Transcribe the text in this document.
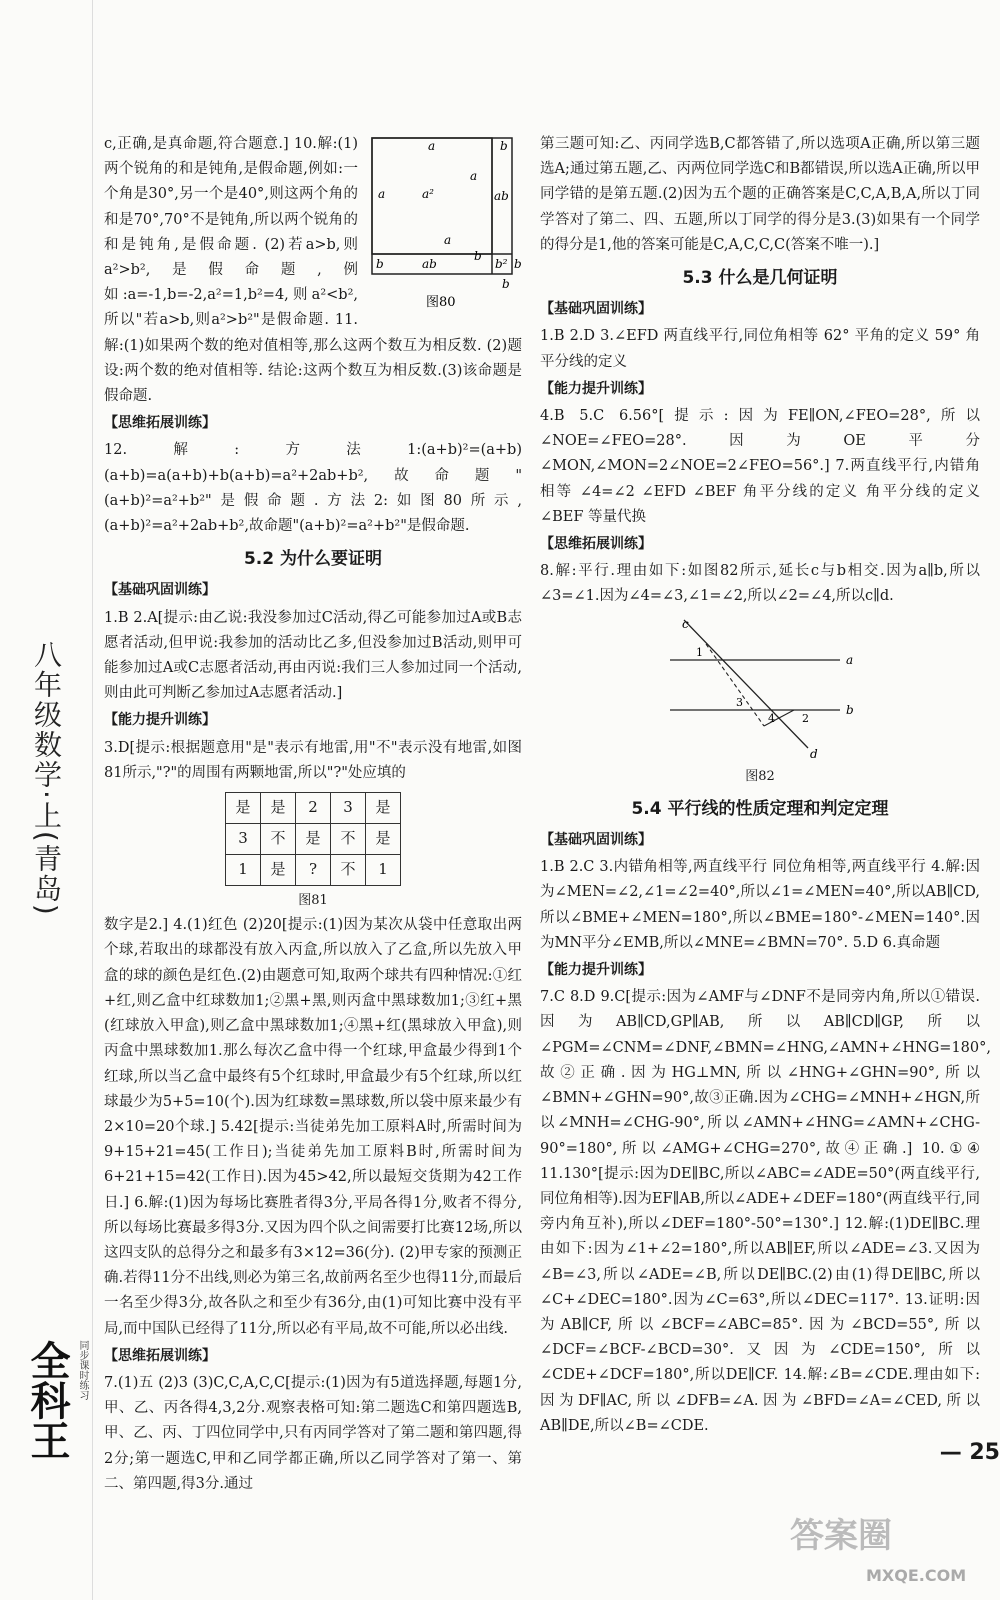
八年级数学·上(青岛)
全科王 同步课时练习
a	b
a	a²
a
ab
a
b	ab	b² b
b
b
图80

c,正确,是真命题,符合题意.] 10.解:(1)两个锐角的和是钝角,是假命题,例如:一个角是30°,另一个是40°,则这两个角的和是70°,70°不是钝角,所以两个锐角的和是钝角,是假命题. (2)若a>b,则a²>b²,是假命题,例如:a=-1,b=-2,a²=1,b²=4,则a²<b²,所以"若a>b,则a²>b²"是假命题. 11.解:(1)如果两个数的绝对值相等,那么这两个数互为相反数. (2)题设:两个数的绝对值相等. 结论:这两个数互为相反数.(3)该命题是假命题.

【思维拓展训练】

12.解:方法1:(a+b)²=(a+b)(a+b)=a(a+b)+b(a+b)=a²+2ab+b²,故命题"(a+b)²=a²+b²"是假命题.方法2:如图80所示,(a+b)²=a²+2ab+b²,故命题"(a+b)²=a²+b²"是假命题.

5.2 为什么要证明
【基础巩固训练】

1.B 2.A[提示:由乙说:我没参加过C活动,得乙可能参加过A或B志愿者活动,但甲说:我参加的活动比乙多,但没参加过B活动,则甲可能参加过A或C志愿者活动,再由丙说:我们三人参加过同一个活动,则由此可判断乙参加过A志愿者活动.]

【能力提升训练】

3.D[提示:根据题意用"是"表示有地雷,用"不"表示没有地雷,如图81所示,"?"的周围有两颗地雷,所以"?"处应填的

是	是	2	3	是
3	不	是	不	是
1	是	?	不	1
图81

数字是2.] 4.(1)红色 (2)20[提示:(1)因为某次从袋中任意取出两个球,若取出的球都没有放入丙盒,所以放入了乙盒,所以先放入甲盒的球的颜色是红色.(2)由题意可知,取两个球共有四种情况:①红+红,则乙盒中红球数加1;②黑+黑,则丙盒中黑球数加1;③红+黑(红球放入甲盒),则乙盒中黑球数加1;④黑+红(黑球放入甲盒),则丙盒中黑球数加1.那么每次乙盒中得一个红球,甲盒最少得到1个红球,所以当乙盒中最终有5个红球时,甲盒最少有5个红球,所以红球最少为5+5=10(个).因为红球数=黑球数,所以袋中原来最少有2×10=20个球.] 5.42[提示:当徒弟先加工原料A时,所需时间为9+15+21=45(工作日);当徒弟先加工原料B时,所需时间为6+21+15=42(工作日).因为45>42,所以最短交货期为42工作日.] 6.解:(1)因为每场比赛胜者得3分,平局各得1分,败者不得分,所以每场比赛最多得3分.又因为四个队之间需要打比赛12场,所以这四支队的总得分之和最多有3×12=36(分). (2)甲专家的预测正确.若得11分不出线,则必为第三名,故前两名至少也得11分,而最后一名至少得3分,故各队之和至少有36分,由(1)可知比赛中没有平局,而中国队已经得了11分,所以必有平局,故不可能,所以必出线.

【思维拓展训练】

7.(1)五 (2)3 (3)C,C,A,C,C[提示:(1)因为有5道选择题,每题1分,甲、乙、丙各得4,3,2分.观察表格可知:第二题选C和第四题选B,甲、乙、丙、丁四位同学中,只有丙同学答对了第二题和第四题,得2分;第一题选C,甲和乙同学都正确,所以乙同学答对了第一、第二、第四题,得3分.通过

第三题可知:乙、丙同学选B,C都答错了,所以选项A正确,所以第三题选A;通过第五题,乙、丙两位同学选C和B都错误,所以选A正确,所以甲同学错的是第五题.(2)因为五个题的正确答案是C,C,A,B,A,所以丁同学答对了第二、四、五题,所以丁同学的得分是3.(3)如果有一个同学的得分是1,他的答案可能是C,A,C,C,C(答案不唯一).]

5.3 什么是几何证明
【基础巩固训练】

1.B 2.D 3.∠EFD 两直线平行,同位角相等 62° 平角的定义 59° 角平分线的定义

【能力提升训练】

4.B 5.C 6.56°[提示:因为FE∥ON,∠FEO=28°,所以∠NOE=∠FEO=28°.因为OE平分∠MON,∠MON=2∠NOE=2∠FEO=56°.] 7.两直线平行,内错角相等 ∠4=∠2 ∠EFD ∠BEF 角平分线的定义 角平分线的定义 ∠BEF 等量代换

【思维拓展训练】

8.解:平行.理由如下:如图82所示,延长c与b相交.因为a∥b,所以∠3=∠1.因为∠4=∠3,∠1=∠2,所以∠2=∠4,所以c∥d.

c
a
b
d
1
2
3
4
图82
5.4 平行线的性质定理和判定定理
【基础巩固训练】

1.B 2.C 3.内错角相等,两直线平行 同位角相等,两直线平行 4.解:因为∠MEN=∠2,∠1=∠2=40°,所以∠1=∠MEN=40°,所以AB∥CD,所以∠BME+∠MEN=180°,所以∠BME=180°-∠MEN=140°.因为MN平分∠EMB,所以∠MNE=∠BMN=70°. 5.D 6.真命题

【能力提升训练】

7.C 8.D 9.C[提示:因为∠AMF与∠DNF不是同旁内角,所以①错误.因为AB∥CD,GP∥AB,所以AB∥CD∥GP,所以∠PGM=∠CNM=∠DNF,∠BMN=∠HNG,∠AMN+∠HNG=180°,故②正确.因为HG⊥MN,所以∠HNG+∠GHN=90°,所以∠BMN+∠GHN=90°,故③正确.因为∠CHG=∠MNH+∠HGN,所以∠MNH=∠CHG-90°,所以∠AMN+∠HNG=∠AMN+∠CHG-90°=180°,所以∠AMG+∠CHG=270°,故④正确.] 10.①④ 11.130°[提示:因为DE∥BC,所以∠ABC=∠ADE=50°(两直线平行,同位角相等).因为EF∥AB,所以∠ADE+∠DEF=180°(两直线平行,同旁内角互补),所以∠DEF=180°-50°=130°.] 12.解:(1)DE∥BC.理由如下:因为∠1+∠2=180°,所以AB∥EF,所以∠ADE=∠3.又因为∠B=∠3,所以∠ADE=∠B,所以DE∥BC.(2)由(1)得DE∥BC,所以∠C+∠DEC=180°.因为∠C=63°,所以∠DEC=117°. 13.证明:因为AB∥CF,所以∠BCF=∠ABC=85°.因为∠BCD=55°,所以∠DCF=∠BCF-∠BCD=30°.又因为∠CDE=150°,所以∠CDE+∠DCF=180°,所以DE∥CF. 14.解:∠B=∠CDE.理由如下:因为DF∥AC,所以∠DFB=∠A.因为∠BFD=∠A=∠CED,所以AB∥DE,所以∠B=∠CDE.

— 25
答案圈
MXQE.COM
